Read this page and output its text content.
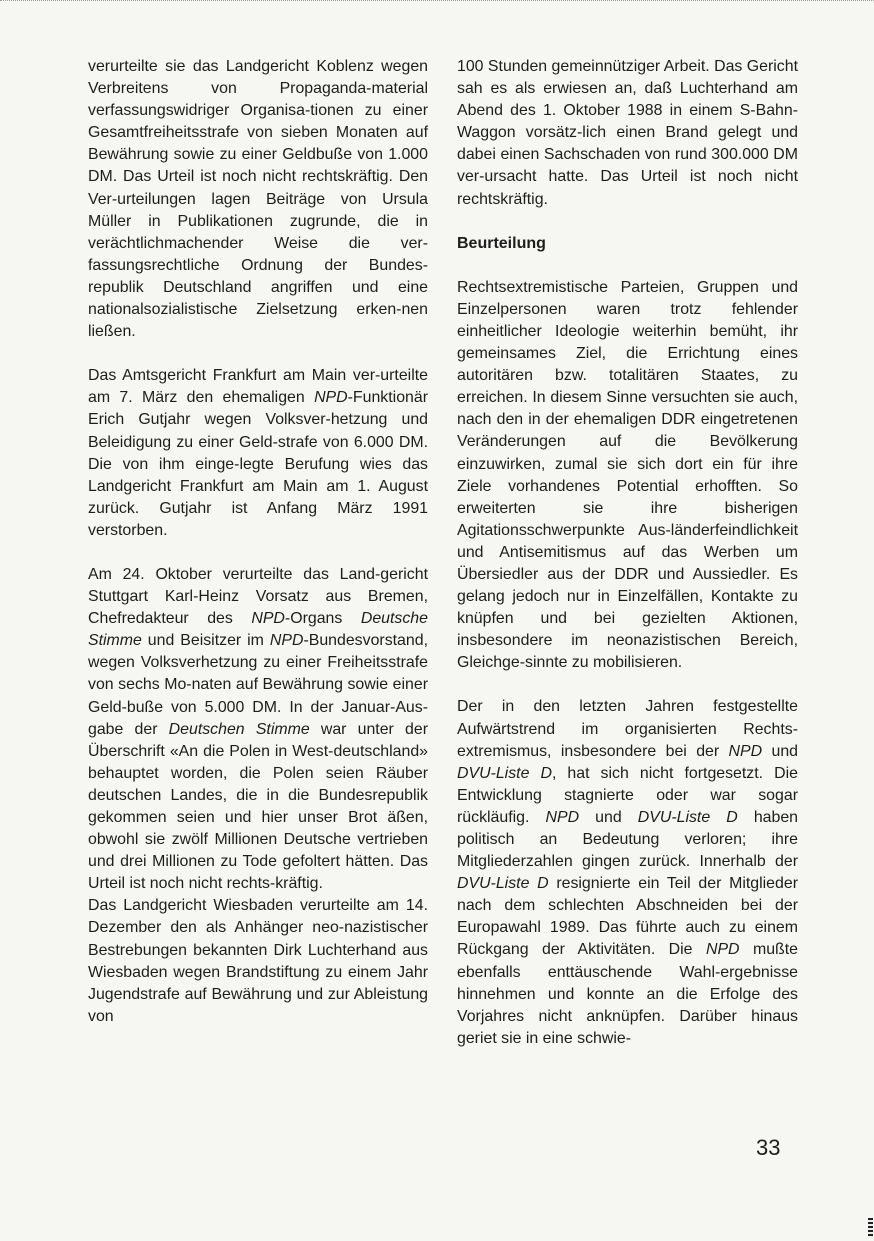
verurteilte sie das Landgericht Koblenz wegen Verbreitens von Propaganda-material verfassungswidriger Organisa-tionen zu einer Gesamtfreiheitsstrafe von sieben Monaten auf Bewährung sowie zu einer Geldbuße von 1.000 DM. Das Urteil ist noch nicht rechtskräftig. Den Ver-urteilungen lagen Beiträge von Ursula Müller in Publikationen zugrunde, die in verächtlichmachender Weise die ver-fassungsrechtliche Ordnung der Bundes-republik Deutschland angriffen und eine nationalsozialistische Zielsetzung erken-nen ließen.

Das Amtsgericht Frankfurt am Main ver-urteilte am 7. März den ehemaligen NPD-Funktionär Erich Gutjahr wegen Volksver-hetzung und Beleidigung zu einer Geld-strafe von 6.000 DM. Die von ihm einge-legte Berufung wies das Landgericht Frankfurt am Main am 1. August zurück. Gutjahr ist Anfang März 1991 verstorben.

Am 24. Oktober verurteilte das Land-gericht Stuttgart Karl-Heinz Vorsatz aus Bremen, Chefredakteur des NPD-Organs Deutsche Stimme und Beisitzer im NPD-Bundesvorstand, wegen Volksverhetzung zu einer Freiheitsstrafe von sechs Mo-naten auf Bewährung sowie einer Geld-buße von 5.000 DM. In der Januar-Aus-gabe der Deutschen Stimme war unter der Überschrift «An die Polen in West-deutschland» behauptet worden, die Polen seien Räuber deutschen Landes, die in die Bundesrepublik gekommen seien und hier unser Brot äßen, obwohl sie zwölf Millionen Deutsche vertrieben und drei Millionen zu Tode gefoltert hätten. Das Urteil ist noch nicht rechts-kräftig.

Das Landgericht Wiesbaden verurteilte am 14. Dezember den als Anhänger neo-nazistischer Bestrebungen bekannten Dirk Luchterhand aus Wiesbaden wegen Brandstiftung zu einem Jahr Jugendstrafe auf Bewährung und zur Ableistung von

100 Stunden gemeinnütziger Arbeit. Das Gericht sah es als erwiesen an, daß Luchterhand am Abend des 1. Oktober 1988 in einem S-Bahn-Waggon vorsätz-lich einen Brand gelegt und dabei einen Sachschaden von rund 300.000 DM ver-ursacht hatte. Das Urteil ist noch nicht rechtskräftig.

Beurteilung

Rechtsextremistische Parteien, Gruppen und Einzelpersonen waren trotz fehlender einheitlicher Ideologie weiterhin bemüht, ihr gemeinsames Ziel, die Errichtung eines autoritären bzw. totalitären Staates, zu erreichen. In diesem Sinne versuchten sie auch, nach den in der ehemaligen DDR eingetretenen Veränderungen auf die Bevölkerung einzuwirken, zumal sie sich dort ein für ihre Ziele vorhandenes Potential erhofften. So erweiterten sie ihre bisherigen Agitationsschwerpunkte Aus-länderfeindlichkeit und Antisemitismus auf das Werben um Übersiedler aus der DDR und Aussiedler. Es gelang jedoch nur in Einzelfällen, Kontakte zu knüpfen und bei gezielten Aktionen, insbesondere im neonazistischen Bereich, Gleichge-sinnte zu mobilisieren.

Der in den letzten Jahren festgestellte Aufwärtstrend im organisierten Rechts-extremismus, insbesondere bei der NPD und DVU-Liste D, hat sich nicht fortgesetzt. Die Entwicklung stagnierte oder war sogar rückläufig. NPD und DVU-Liste D haben politisch an Bedeutung verloren; ihre Mitgliederzahlen gingen zurück. Innerhalb der DVU-Liste D resignierte ein Teil der Mitglieder nach dem schlechten Abschneiden bei der Europawahl 1989. Das führte auch zu einem Rückgang der Aktivitäten. Die NPD mußte ebenfalls enttäuschende Wahl-ergebnisse hinnehmen und konnte an die Erfolge des Vorjahres nicht anknüpfen. Darüber hinaus geriet sie in eine schwie-

33
